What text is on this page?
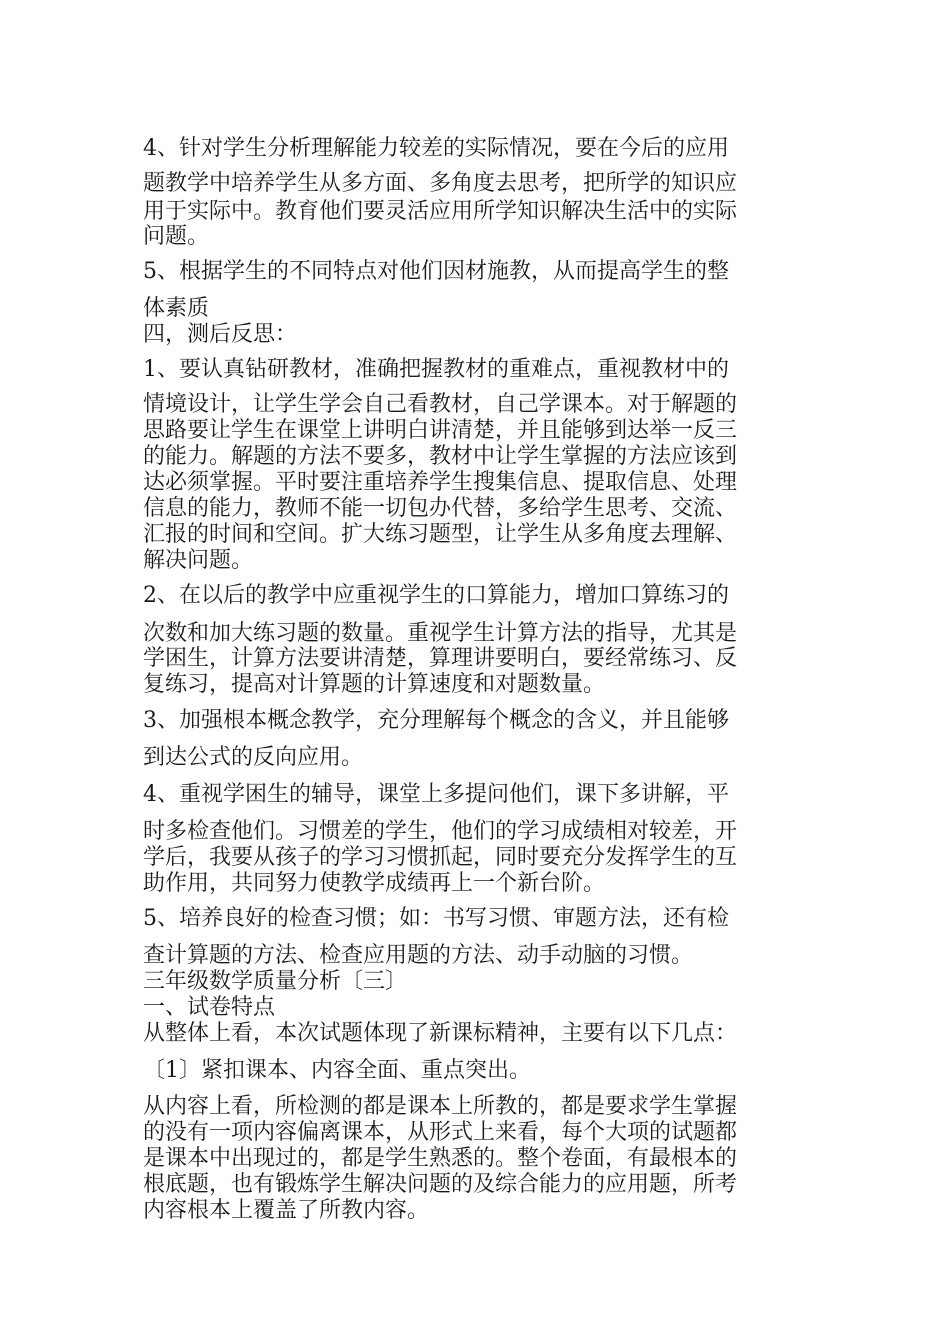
4、针对学生分析理解能力较差的实际情况，要在今后的应用
题教学中培养学生从多方面、多角度去思考，把所学的知识应
用于实际中。教育他们要灵活应用所学知识解决生活中的实际
问题。
5、根据学生的不同特点对他们因材施教，从而提高学生的整
体素质
四，测后反思：
1、要认真钻研教材，准确把握教材的重难点，重视教材中的
情境设计，让学生学会自己看教材，自己学课本。对于解题的
思路要让学生在课堂上讲明白讲清楚，并且能够到达举一反三
的能力。解题的方法不要多，教材中让学生掌握的方法应该到
达必须掌握。平时要注重培养学生搜集信息、提取信息、处理
信息的能力，教师不能一切包办代替，多给学生思考、交流、
汇报的时间和空间。扩大练习题型，让学生从多角度去理解、
解决问题。
2、在以后的教学中应重视学生的口算能力，增加口算练习的
次数和加大练习题的数量。重视学生计算方法的指导，尤其是
学困生，计算方法要讲清楚，算理讲要明白，要经常练习、反
复练习，提高对计算题的计算速度和对题数量。
3、加强根本概念教学，充分理解每个概念的含义，并且能够
到达公式的反向应用。
4、重视学困生的辅导，课堂上多提问他们，课下多讲解，平
时多检查他们。习惯差的学生，他们的学习成绩相对较差，开
学后，我要从孩子的学习习惯抓起，同时要充分发挥学生的互
助作用，共同努力使教学成绩再上一个新台阶。
5、培养良好的检查习惯；如：书写习惯、审题方法，还有检
查计算题的方法、检查应用题的方法、动手动脑的习惯。
三年级数学质量分析〔三〕
一、试卷特点
从整体上看，本次试题体现了新课标精神，主要有以下几点：
〔1〕紧扣课本、内容全面、重点突出。
从内容上看，所检测的都是课本上所教的，都是要求学生掌握
的没有一项内容偏离课本，从形式上来看，每个大项的试题都
是课本中出现过的，都是学生熟悉的。整个卷面，有最根本的
根底题，也有锻炼学生解决问题的及综合能力的应用题，所考
内容根本上覆盖了所教内容。
